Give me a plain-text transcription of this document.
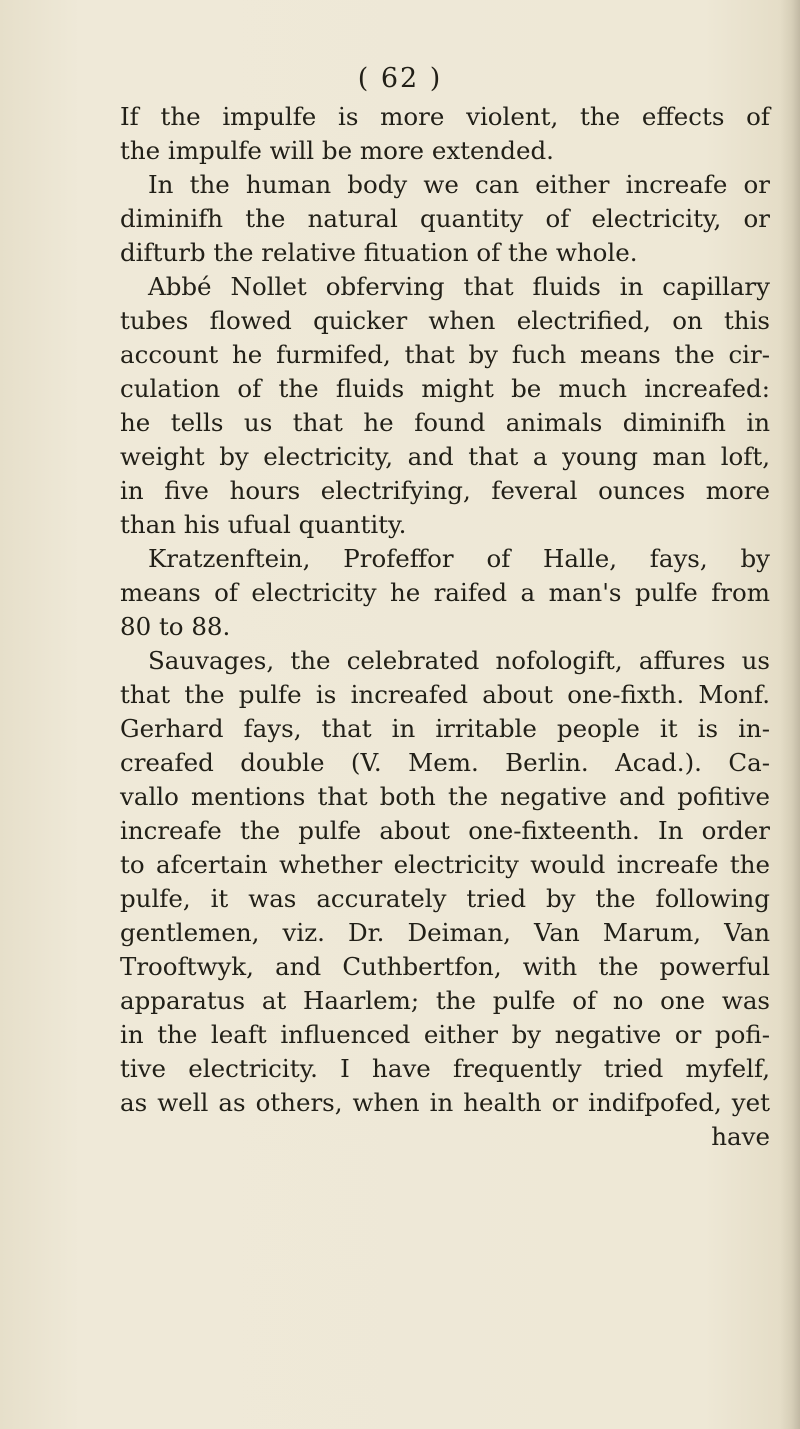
( 62 )
If the impulfe is more violent, the effects of
the impulfe will be more extended.
In the human body we can either increafe or
diminifh the natural quantity of electricity, or
difturb the relative fituation of the whole.
Abbé Nollet obferving that fluids in capillary
tubes flowed quicker when electrified, on this
account he furmifed, that by fuch means the cir-
culation of the fluids might be much increafed:
he tells us that he found animals diminifh in
weight by electricity, and that a young man loft,
in five hours electrifying, feveral ounces more
than his ufual quantity.
Kratzenftein, Profeffor of Halle, fays, by
means of electricity he raifed a man's pulfe from
80 to 88.
Sauvages, the celebrated nofologift, affures us
that the pulfe is increafed about one-fixth. Monf.
Gerhard fays, that in irritable people it is in-
creafed double (V. Mem. Berlin. Acad.). Ca-
vallo mentions that both the negative and pofitive
increafe the pulfe about one-fixteenth. In order
to afcertain whether electricity would increafe the
pulfe, it was accurately tried by the following
gentlemen, viz. Dr. Deiman, Van Marum, Van
Trooftwyk, and Cuthbertfon, with the powerful
apparatus at Haarlem; the pulfe of no one was
in the leaft influenced either by negative or pofi-
tive electricity. I have frequently tried myfelf,
as well as others, when in health or indifpofed, yet
have
